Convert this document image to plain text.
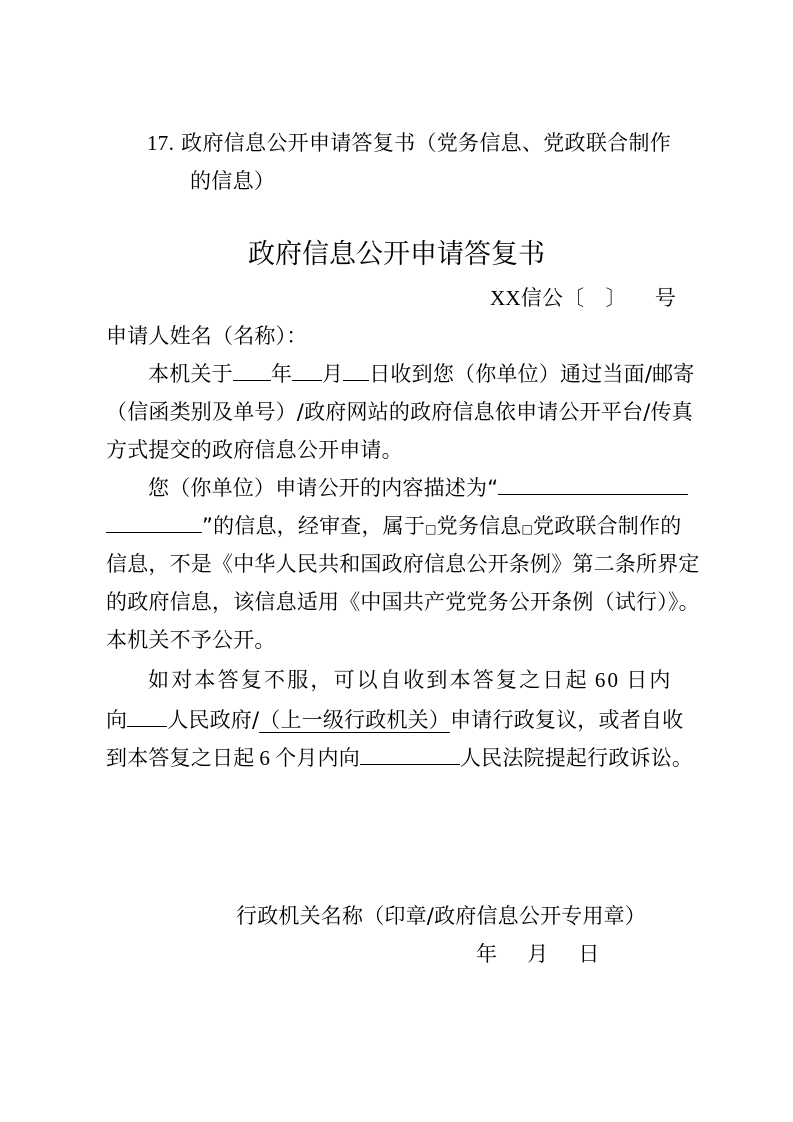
17. 政府信息公开申请答复书（党务信息、党政联合制作
的信息）
政府信息公开申请答复书
XX信公〔　〕 号
申请人姓名（名称）：
本机关于 年 月 日收到您（你单位）通过当面/邮寄
（信函类别及单号）/政府网站的政府信息依申请公开平台/传真
方式提交的政府信息公开申请。
您（你单位）申请公开的内容描述为“
”的信息，经审查，属于□党务信息□党政联合制作的
信息，不是《中华人民共和国政府信息公开条例》第二条所界定
的政府信息，该信息适用《中国共产党党务公开条例（试行）》。
本机关不予公开。
如对本答复不服，可以自收到本答复之日起 60 日内
向 人民政府/（上一级行政机关）申请行政复议，或者自收
到本答复之日起 6 个月内向	人民法院提起行政诉讼。
行政机关名称（印章/政府信息公开专用章）
年 月 日
